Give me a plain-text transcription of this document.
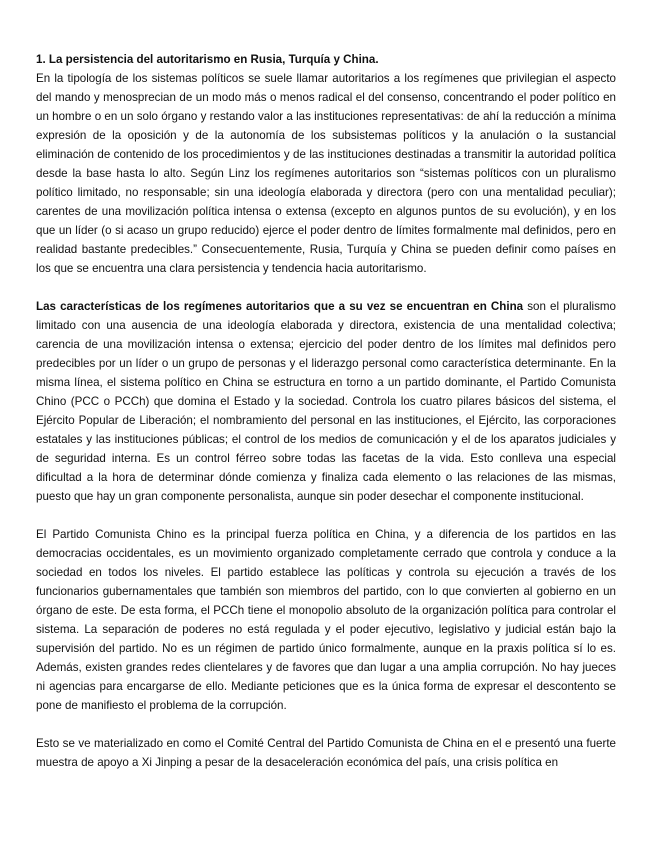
1. La persistencia del autoritarismo en Rusia, Turquía y China.

En la tipología de los sistemas políticos se suele llamar autoritarios a los regímenes que privilegian el aspecto del mando y menosprecian de un modo más o menos radical el del consenso, concentrando el poder político en un hombre o en un solo órgano y restando valor a las instituciones representativas: de ahí la reducción a mínima expresión de la oposición y de la autonomía de los subsistemas políticos y la anulación o la sustancial eliminación de contenido de los procedimientos y de las instituciones destinadas a transmitir la autoridad política desde la base hasta lo alto. Según Linz los regímenes autoritarios son “sistemas políticos con un pluralismo político limitado, no responsable; sin una ideología elaborada y directora (pero con una mentalidad peculiar); carentes de una movilización política intensa o extensa (excepto en algunos puntos de su evolución), y en los que un líder (o si acaso un grupo reducido) ejerce el poder dentro de límites formalmente mal definidos, pero en realidad bastante predecibles.” Consecuentemente, Rusia, Turquía y China se pueden definir como países en los que se encuentra una clara persistencia y tendencia hacia autoritarismo.

Las características de los regímenes autoritarios que a su vez se encuentran en China son el pluralismo limitado con una ausencia de una ideología elaborada y directora, existencia de una mentalidad colectiva; carencia de una movilización intensa o extensa; ejercicio del poder dentro de los límites mal definidos pero predecibles por un líder o un grupo de personas y el liderazgo personal como característica determinante. En la misma línea, el sistema político en China se estructura en torno a un partido dominante, el Partido Comunista Chino (PCC o PCCh) que domina el Estado y la sociedad. Controla los cuatro pilares básicos del sistema, el Ejército Popular de Liberación; el nombramiento del personal en las instituciones, el Ejército, las corporaciones estatales y las instituciones públicas; el control de los medios de comunicación y el de los aparatos judiciales y de seguridad interna. Es un control férreo sobre todas las facetas de la vida. Esto conlleva una especial dificultad a la hora de determinar dónde comienza y finaliza cada elemento o las relaciones de las mismas, puesto que hay un gran componente personalista, aunque sin poder desechar el componente institucional.

El Partido Comunista Chino es la principal fuerza política en China, y a diferencia de los partidos en las democracias occidentales, es un movimiento organizado completamente cerrado que controla y conduce a la sociedad en todos los niveles. El partido establece las políticas y controla su ejecución a través de los funcionarios gubernamentales que también son miembros del partido, con lo que convierten al gobierno en un órgano de este. De esta forma, el PCCh tiene el monopolio absoluto de la organización política para controlar el sistema. La separación de poderes no está regulada y el poder ejecutivo, legislativo y judicial están bajo la supervisión del partido. No es un régimen de partido único formalmente, aunque en la praxis política sí lo es. Además, existen grandes redes clientelares y de favores que dan lugar a una amplia corrupción. No hay jueces ni agencias para encargarse de ello. Mediante peticiones que es la única forma de expresar el descontento se pone de manifiesto el problema de la corrupción.

Esto se ve materializado en como el Comité Central del Partido Comunista de China en el e presentó una fuerte muestra de apoyo a Xi Jinping a pesar de la desaceleración económica del país, una crisis política en
